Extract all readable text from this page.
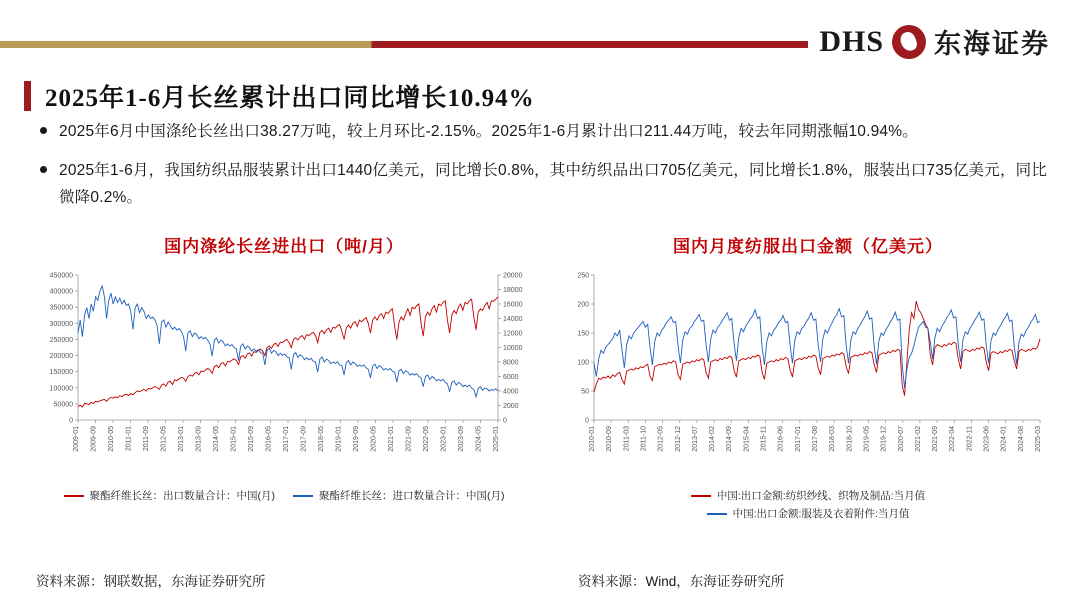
DHS 东海证券
2025年1-6月长丝累计出口同比增长10.94%
2025年6月中国涤纶长丝出口38.27万吨，较上月环比-2.15%。2025年1-6月累计出口211.44万吨，较去年同期涨幅10.94%。
2025年1-6月，我国纺织品服装累计出口1440亿美元，同比增长0.8%，其中纺织品出口705亿美元，同比增长1.8%，服装出口735亿美元，同比微降0.2%。
国内涤纶长丝进出口（吨/月）
0
50000
100000
150000
200000
250000
300000
350000
400000
450000
0
2000
4000
6000
8000
10000
12000
14000
16000
18000
20000
2009-01 2009-09 2010-05 2011-01 2011-09 2012-05 2013-01 2013-09 2014-05 2015-01 2015-09 2016-05 2017-01 2017-09 2018-05 2019-01 2019-09 2020-05 2021-01 2021-09 2022-05 2023-01 2023-09 2024-05 2025-01
聚酯纤维长丝：出口数量合计：中国(月)	聚酯纤维长丝：进口数量合计：中国(月)
国内月度纺服出口金额（亿美元）
0
50
100
150
200
250
2010-01 2010-09 2011-03 2011-10 2012-05 2012-12 2013-07 2014-02 2014-09 2015-04 2015-11 2016-06 2017-01 2017-08 2018-03 2018-10 2019-05 2019-12 2020-07 2021-02 2021-09 2022-04 2022-11 2023-06 2024-01 2024-08 2025-03
中国:出口金额:纺织纱线、织物及制品:当月值
中国:出口金额:服装及衣着附件:当月值
资料来源：钢联数据，东海证券研究所	资料来源：Wind，东海证券研究所
